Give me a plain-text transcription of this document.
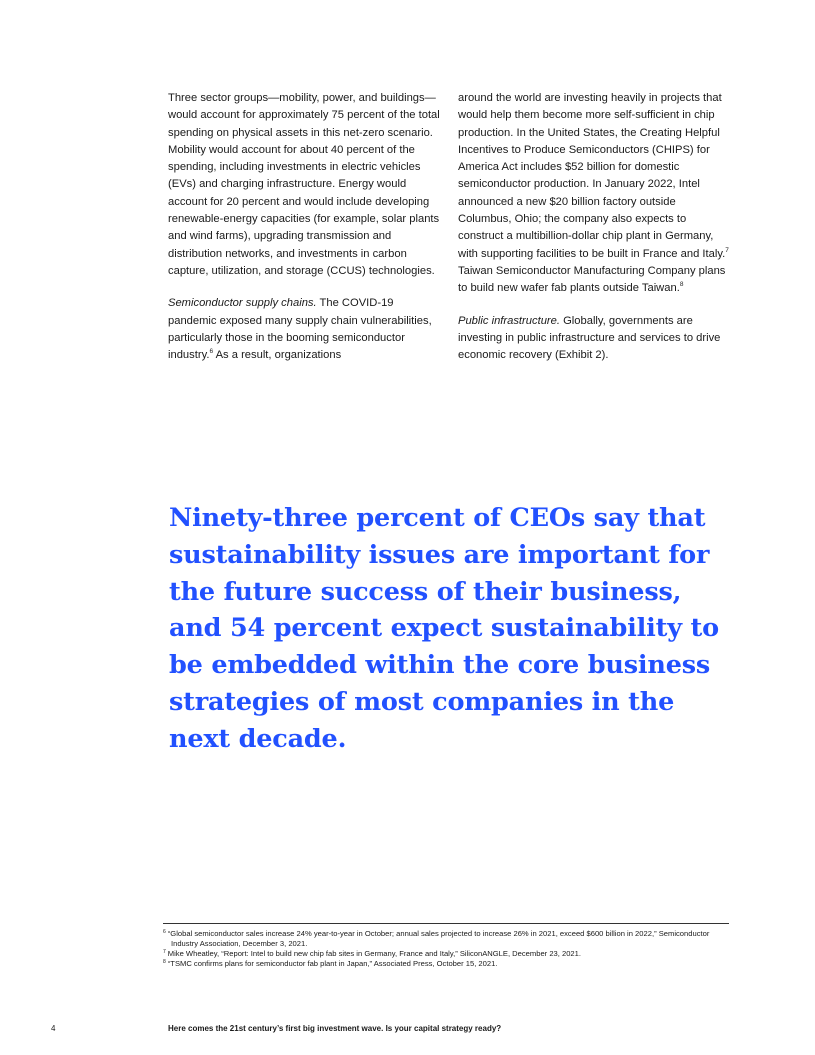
Three sector groups—mobility, power, and buildings—would account for approximately 75 percent of the total spending on physical assets in this net-zero scenario. Mobility would account for about 40 percent of the spending, including investments in electric vehicles (EVs) and charging infrastructure. Energy would account for 20 percent and would include developing renewable-energy capacities (for example, solar plants and wind farms), upgrading transmission and distribution networks, and investments in carbon capture, utilization, and storage (CCUS) technologies.

Semiconductor supply chains. The COVID-19 pandemic exposed many supply chain vulnerabilities, particularly those in the booming semiconductor industry.$^6$ As a result, organizations

around the world are investing heavily in projects that would help them become more self-sufficient in chip production. In the United States, the Creating Helpful Incentives to Produce Semiconductors (CHIPS) for America Act includes $52 billion for domestic semiconductor production. In January 2022, Intel announced a new $20 billion factory outside Columbus, Ohio; the company also expects to construct a multibillion-dollar chip plant in Germany, with supporting facilities to be built in France and Italy.$^7$ Taiwan Semiconductor Manufacturing Company plans to build new wafer fab plants outside Taiwan.$^8$

Public infrastructure. Globally, governments are investing in public infrastructure and services to drive economic recovery (Exhibit 2).

Ninety-three percent of CEOs say that sustainability issues are important for the future success of their business, and 54 percent expect sustainability to be embedded within the core business strategies of most companies in the next decade.

$^6$ “Global semiconductor sales increase 24% year-to-year in October; annual sales projected to increase 26% in 2021, exceed $600 billion in 2022,” Semiconductor Industry Association, December 3, 2021.

$^7$ Mike Wheatley, “Report: Intel to build new chip fab sites in Germany, France and Italy,” SiliconANGLE, December 23, 2021.

$^8$ “TSMC confirms plans for semiconductor fab plant in Japan,” Associated Press, October 15, 2021.

4	Here comes the 21st century’s first big investment wave. Is your capital strategy ready?
